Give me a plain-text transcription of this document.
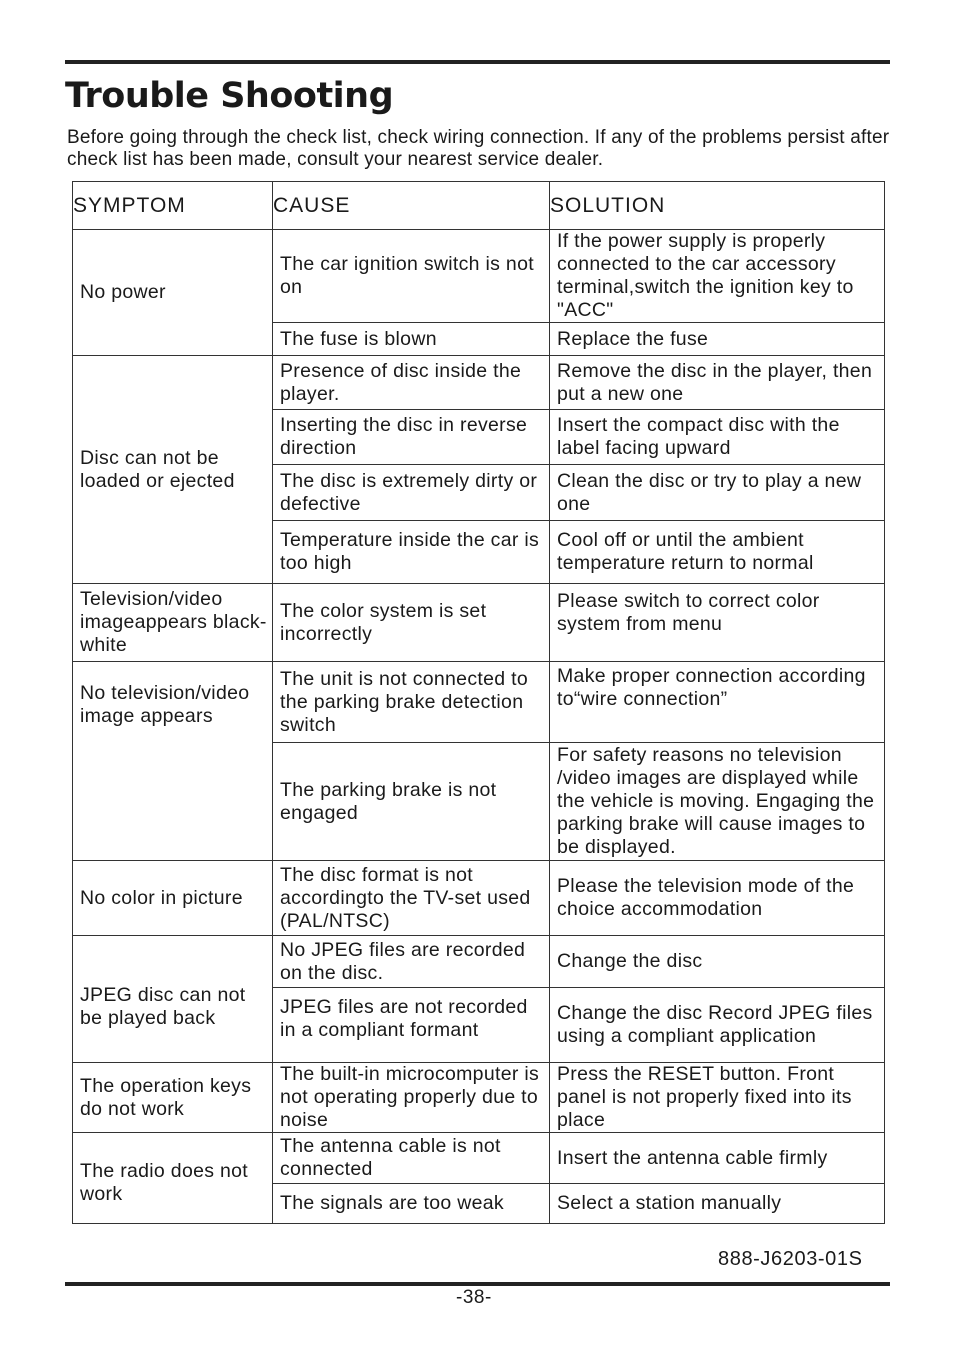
Trouble Shooting

Before going through the check list, check wiring connection. If any of the problems persist after check list has been made, consult your nearest service dealer.

SYMPTOM	CAUSE	SOLUTION
No power	The car ignition switch is not on	If the power supply is properly connected to the car accessory terminal,switch the ignition key to "ACC"
	The fuse is blown	Replace the fuse
Disc can not be loaded or ejected	Presence of disc inside the player.	Remove the disc in the player, then put a new one
	Inserting the disc in reverse direction	Insert the compact disc with the label facing upward
	The disc is extremely dirty or defective	Clean the disc or try to play a new one
	Temperature inside the car is too high	Cool off or until the ambient temperature return to normal
Television/video imageappears black-white	The color system is set incorrectly	Please switch to correct color system from menu
No television/video image appears	The unit is not connected to the parking brake detection switch	Make proper connection according to“wire connection”
	The parking brake is not engaged	For safety reasons no television /video images are displayed while the vehicle is moving. Engaging the parking brake will cause images to be displayed.
No color in picture	The disc format is not accordingto the TV-set used (PAL/NTSC)	Please the television mode of the choice accommodation
JPEG disc can not be played back	No JPEG files are recorded on the disc.	Change the disc
	JPEG files are not recorded in a compliant formant	Change the disc Record JPEG files using a compliant application
The operation keys do not work	The built-in microcomputer is not operating properly due to noise	Press the RESET button. Front panel is not properly fixed into its place
The radio does not work	The antenna cable is not connected	Insert the antenna cable firmly
	The signals are too weak	Select a station manually
888-J6203-01S
-38-
